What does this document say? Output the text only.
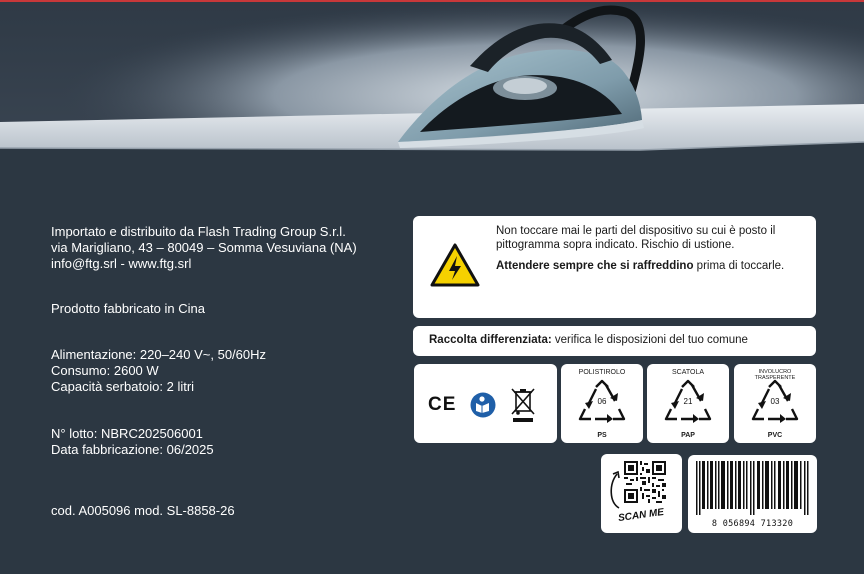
Importato e distribuito da Flash Trading Group S.r.l.
via Marigliano, 43 – 80049 – Somma Vesuviana (NA)
info@ftg.srl - www.ftg.srl
Prodotto fabbricato in Cina
Alimentazione: 220–240 V~, 50/60Hz
Consumo: 2600 W
Capacità serbatoio: 2 litri
N° lotto: NBRC202506001
Data fabbricazione: 06/2025
cod. A005096 mod. SL-8858-26

Non toccare mai le parti del dispositivo su cui è posto il pittogramma sopra indicato. Rischio di ustione.

Attendere sempre che si raffreddino prima di toccarle.

Raccolta differenziata: verifica le disposizioni del tuo comune
CE
POLISTIROLO
06
PS
SCATOLA
21
PAP
INVOLUCRO TRASPERENTE
03
PVC
SCAN ME	8 056894 713320
